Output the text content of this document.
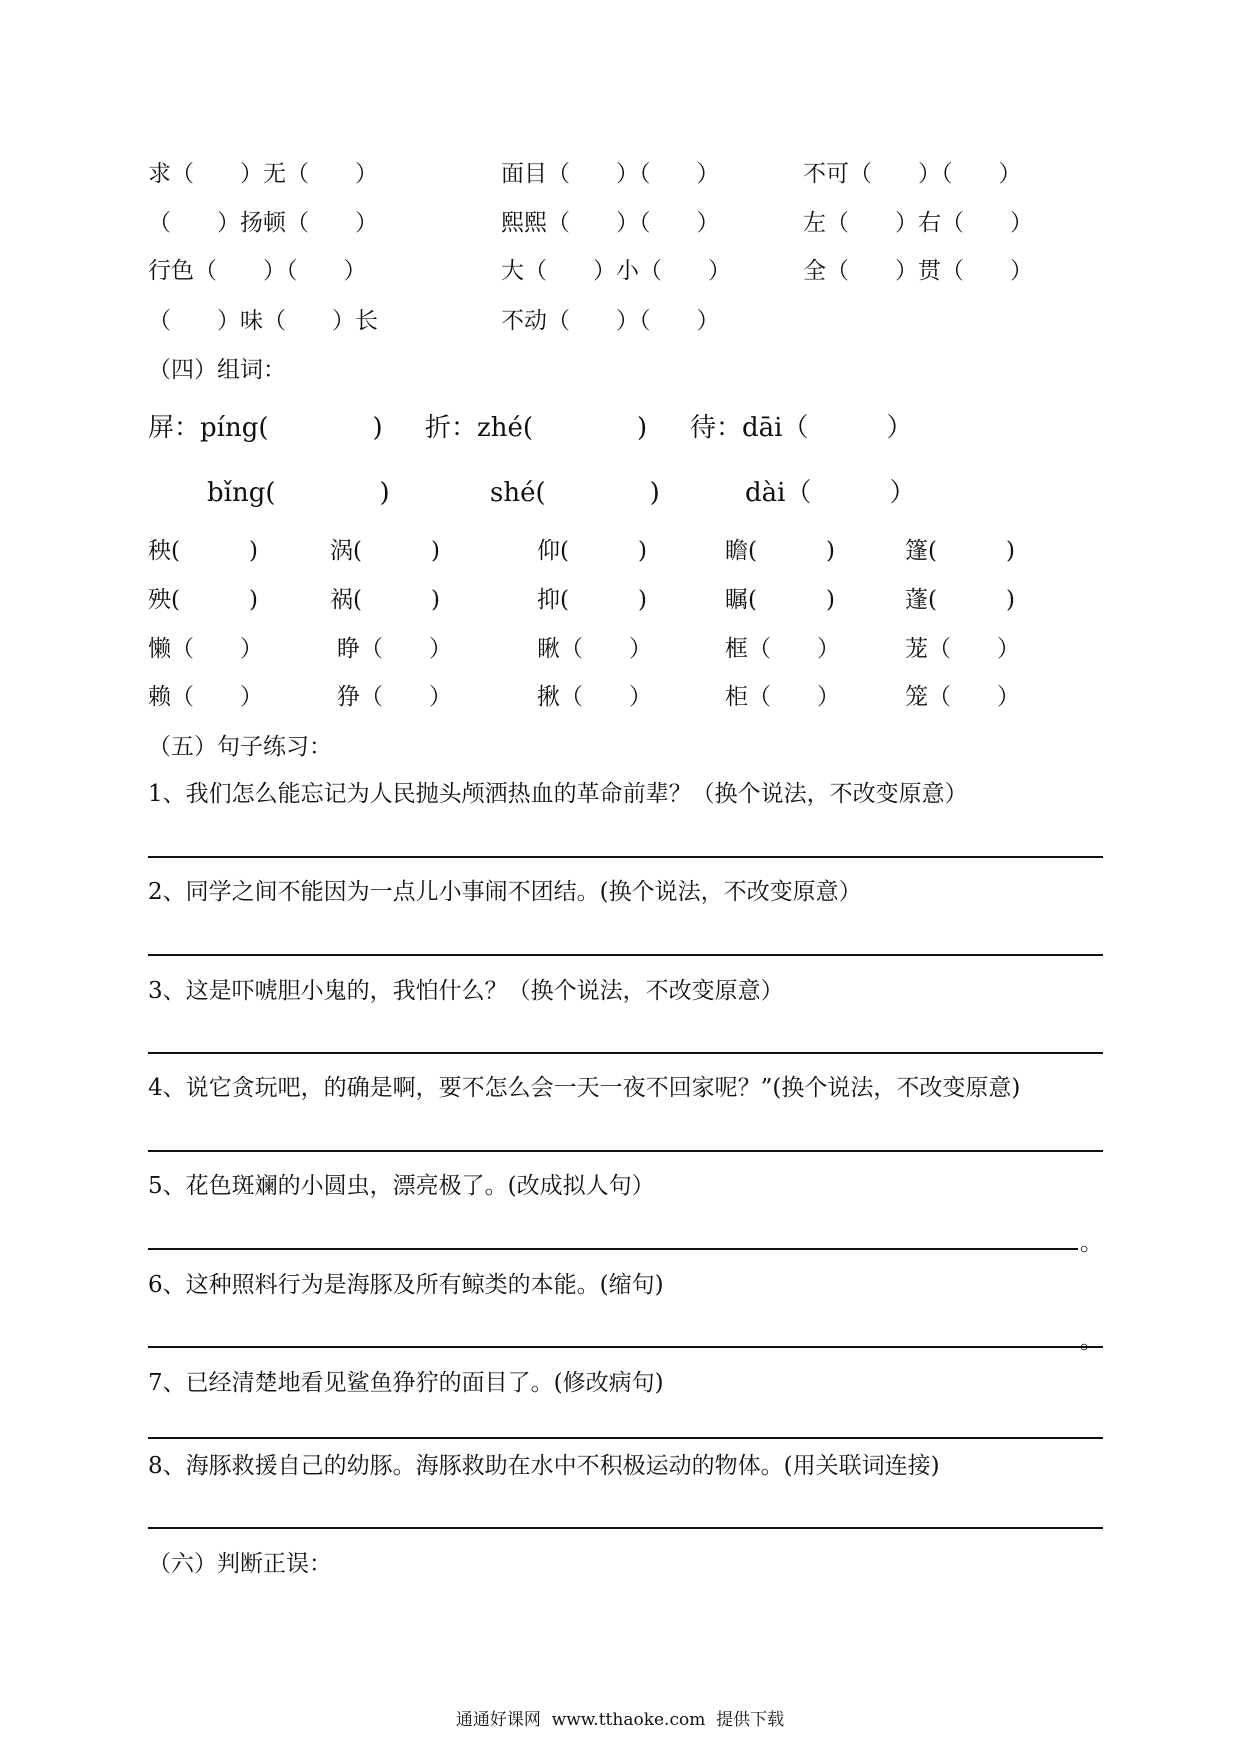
求（　　）无（　　）	面目（　　）（　　）	不可（　　）（　　）
（　　）扬顿（　　）	熙熙（　　）（　　）	左（　　）右（　　）
行色（　　）（　　）	大（　　）小（　　）	全（　　）贯（　　）
（　　）味（　　）长	不动（　　）（　　）
（四）组词：
屏：píng(　　　　) 折：zhé(　　　　) 待：dāi（　　　）
bǐng(　　　　)	shé(　　　　)	dài（　　　）
秧(　　　)	涡(　　　)	仰(　　　)	瞻(　　　)	篷(　　　)
殃(　　　)	祸(　　　)	抑(　　　)	瞩(　　　)	蓬(　　　)
懒（　　）	睁（　　）	瞅（　　）	框（　　）	茏（　　）
赖（　　）	狰（　　）	揪（　　）	柜（　　）	笼（　　）
（五）句子练习：
1、我们怎么能忘记为人民抛头颅洒热血的革命前辈？（换个说法，不改变原意）
2、同学之间不能因为一点儿小事闹不团结。(换个说法，不改变原意）
3、这是吓唬胆小鬼的，我怕什么？（换个说法，不改变原意）
4、说它贪玩吧，的确是啊，要不怎么会一天一夜不回家呢？”(换个说法，不改变原意)
5、花色斑斓的小圆虫，漂亮极了。(改成拟人句）
。
6、这种照料行为是海豚及所有鲸类的本能。(缩句)
。
7、已经清楚地看见鲨鱼狰狞的面目了。(修改病句)
8、海豚救援自己的幼豚。海豚救助在水中不积极运动的物体。(用关联词连接)
（六）判断正误：
通通好课网  www.tthaoke.com  提供下载
